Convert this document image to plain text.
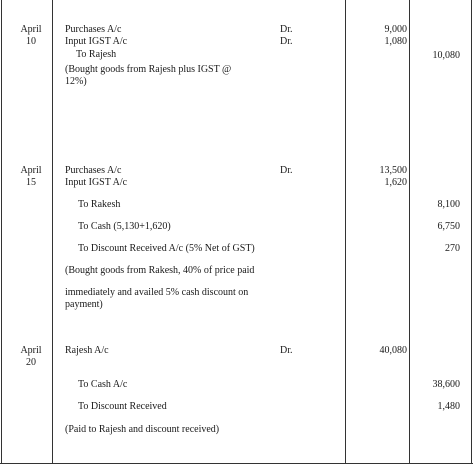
April
10
Purchases A/c	Dr.	9,000
Input IGST A/c	Dr.	1,080
To Rajesh	10,080
(Bought goods from Rajesh plus IGST @
12%)
April
15
Purchases A/c	Dr.	13,500
Input IGST A/c	1,620
To Rakesh	8,100
To Cash (5,130+1,620)	6,750
To Discount Received A/c (5% Net of GST)	270
(Bought goods from Rakesh, 40% of price paid
immediately and availed 5% cash discount on
payment)
April
20
Rajesh A/c	Dr.	40,080
To Cash A/c	38,600
To Discount Received	1,480
(Paid to Rajesh and discount received)
